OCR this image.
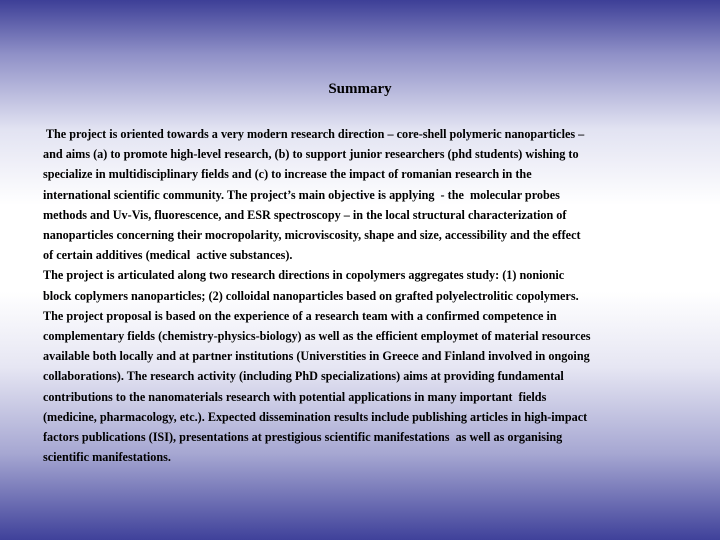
Summary
The project is oriented towards a very modern research direction – core-shell polymeric nanoparticles –
and aims (a) to promote high-level research, (b) to support junior researchers (phd students) wishing to
specialize in multidisciplinary fields and (c) to increase the impact of romanian research in the
international scientific community. The project’s main objective is applying  - the  molecular probes
methods and Uv-Vis, fluorescence, and ESR spectroscopy – in the local structural characterization of
nanoparticles concerning their mocropolarity, microviscosity, shape and size, accessibility and the effect
of certain additives (medical  active substances).
The project is articulated along two research directions in copolymers aggregates study: (1) nonionic
block coplymers nanoparticles; (2) colloidal nanoparticles based on grafted polyelectrolitic copolymers.
The project proposal is based on the experience of a research team with a confirmed competence in
complementary fields (chemistry-physics-biology) as well as the efficient employmet of material resources
available both locally and at partner institutions (Universtities in Greece and Finland involved in ongoing
collaborations). The research activity (including PhD specializations) aims at providing fundamental
contributions to the nanomaterials research with potential applications in many important  fields
(medicine, pharmacology, etc.). Expected dissemination results include publishing articles in high-impact
factors publications (ISI), presentations at prestigious scientific manifestations  as well as organising
scientific manifestations.
